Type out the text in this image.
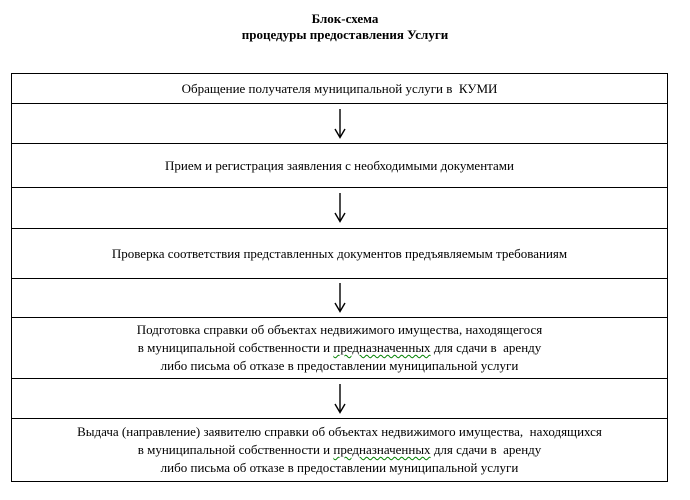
Блок-схема
процедуры предоставления Услуги
Обращение получателя муниципальной услуги в  КУМИ
Прием и регистрация заявления с необходимыми документами
Проверка соответствия представленных документов предъявляемым требованиям
Подготовка справки об объектах недвижимого имущества, находящегося
в муниципальной собственности и предназначенных для сдачи в  аренду
либо письма об отказе в предоставлении муниципальной услуги
Выдача (направление) заявителю справки об объектах недвижимого имущества,  находящихся
в муниципальной собственности и предназначенных для сдачи в  аренду
либо письма об отказе в предоставлении муниципальной услуги
